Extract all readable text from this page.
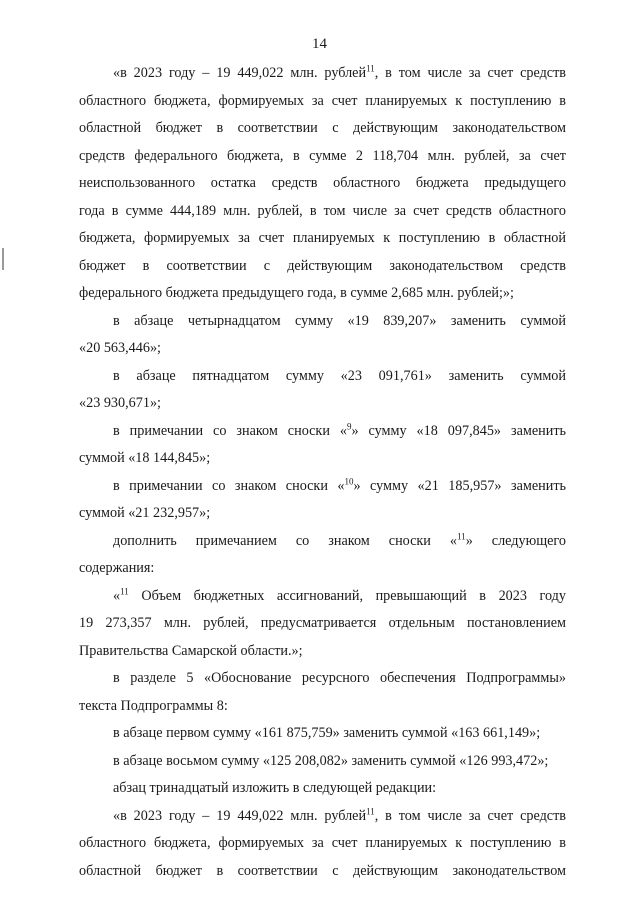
14
«в 2023 году – 19 449,022 млн. рублей$^{11}$, в том числе за счет средств
областного бюджета, формируемых за счет планируемых к поступлению в
областной бюджет в соответствии с действующим законодательством
средств федерального бюджета, в сумме 2 118,704 млн. рублей, за счет
неиспользованного остатка средств областного бюджета предыдущего
года в сумме 444,189 млн. рублей, в том числе за счет средств областного
бюджета, формируемых за счет планируемых к поступлению в областной
бюджет в соответствии с действующим законодательством средств
федерального бюджета предыдущего года, в сумме 2,685 млн. рублей;»;
в абзаце четырнадцатом сумму «19 839,207» заменить суммой
«20 563,446»;
в абзаце пятнадцатом сумму «23 091,761» заменить суммой
«23 930,671»;
в примечании со знаком сноски «$^9$» сумму «18 097,845» заменить
суммой «18 144,845»;
в примечании со знаком сноски «$^{10}$» сумму «21 185,957» заменить
суммой «21 232,957»;
дополнить примечанием со знаком сноски «$^{11}$» следующего
содержания:
«$^{11}$ Объем бюджетных ассигнований, превышающий в 2023 году
19 273,357 млн. рублей, предусматривается отдельным постановлением
Правительства Самарской области.»;
в разделе 5 «Обоснование ресурсного обеспечения Подпрограммы»
текста Подпрограммы 8:
в абзаце первом сумму «161 875,759» заменить суммой «163 661,149»;
в абзаце восьмом сумму «125 208,082» заменить суммой «126 993,472»;
абзац тринадцатый изложить в следующей редакции:
«в 2023 году – 19 449,022 млн. рублей$^{11}$, в том числе за счет средств
областного бюджета, формируемых за счет планируемых к поступлению в
областной бюджет в соответствии с действующим законодательством
